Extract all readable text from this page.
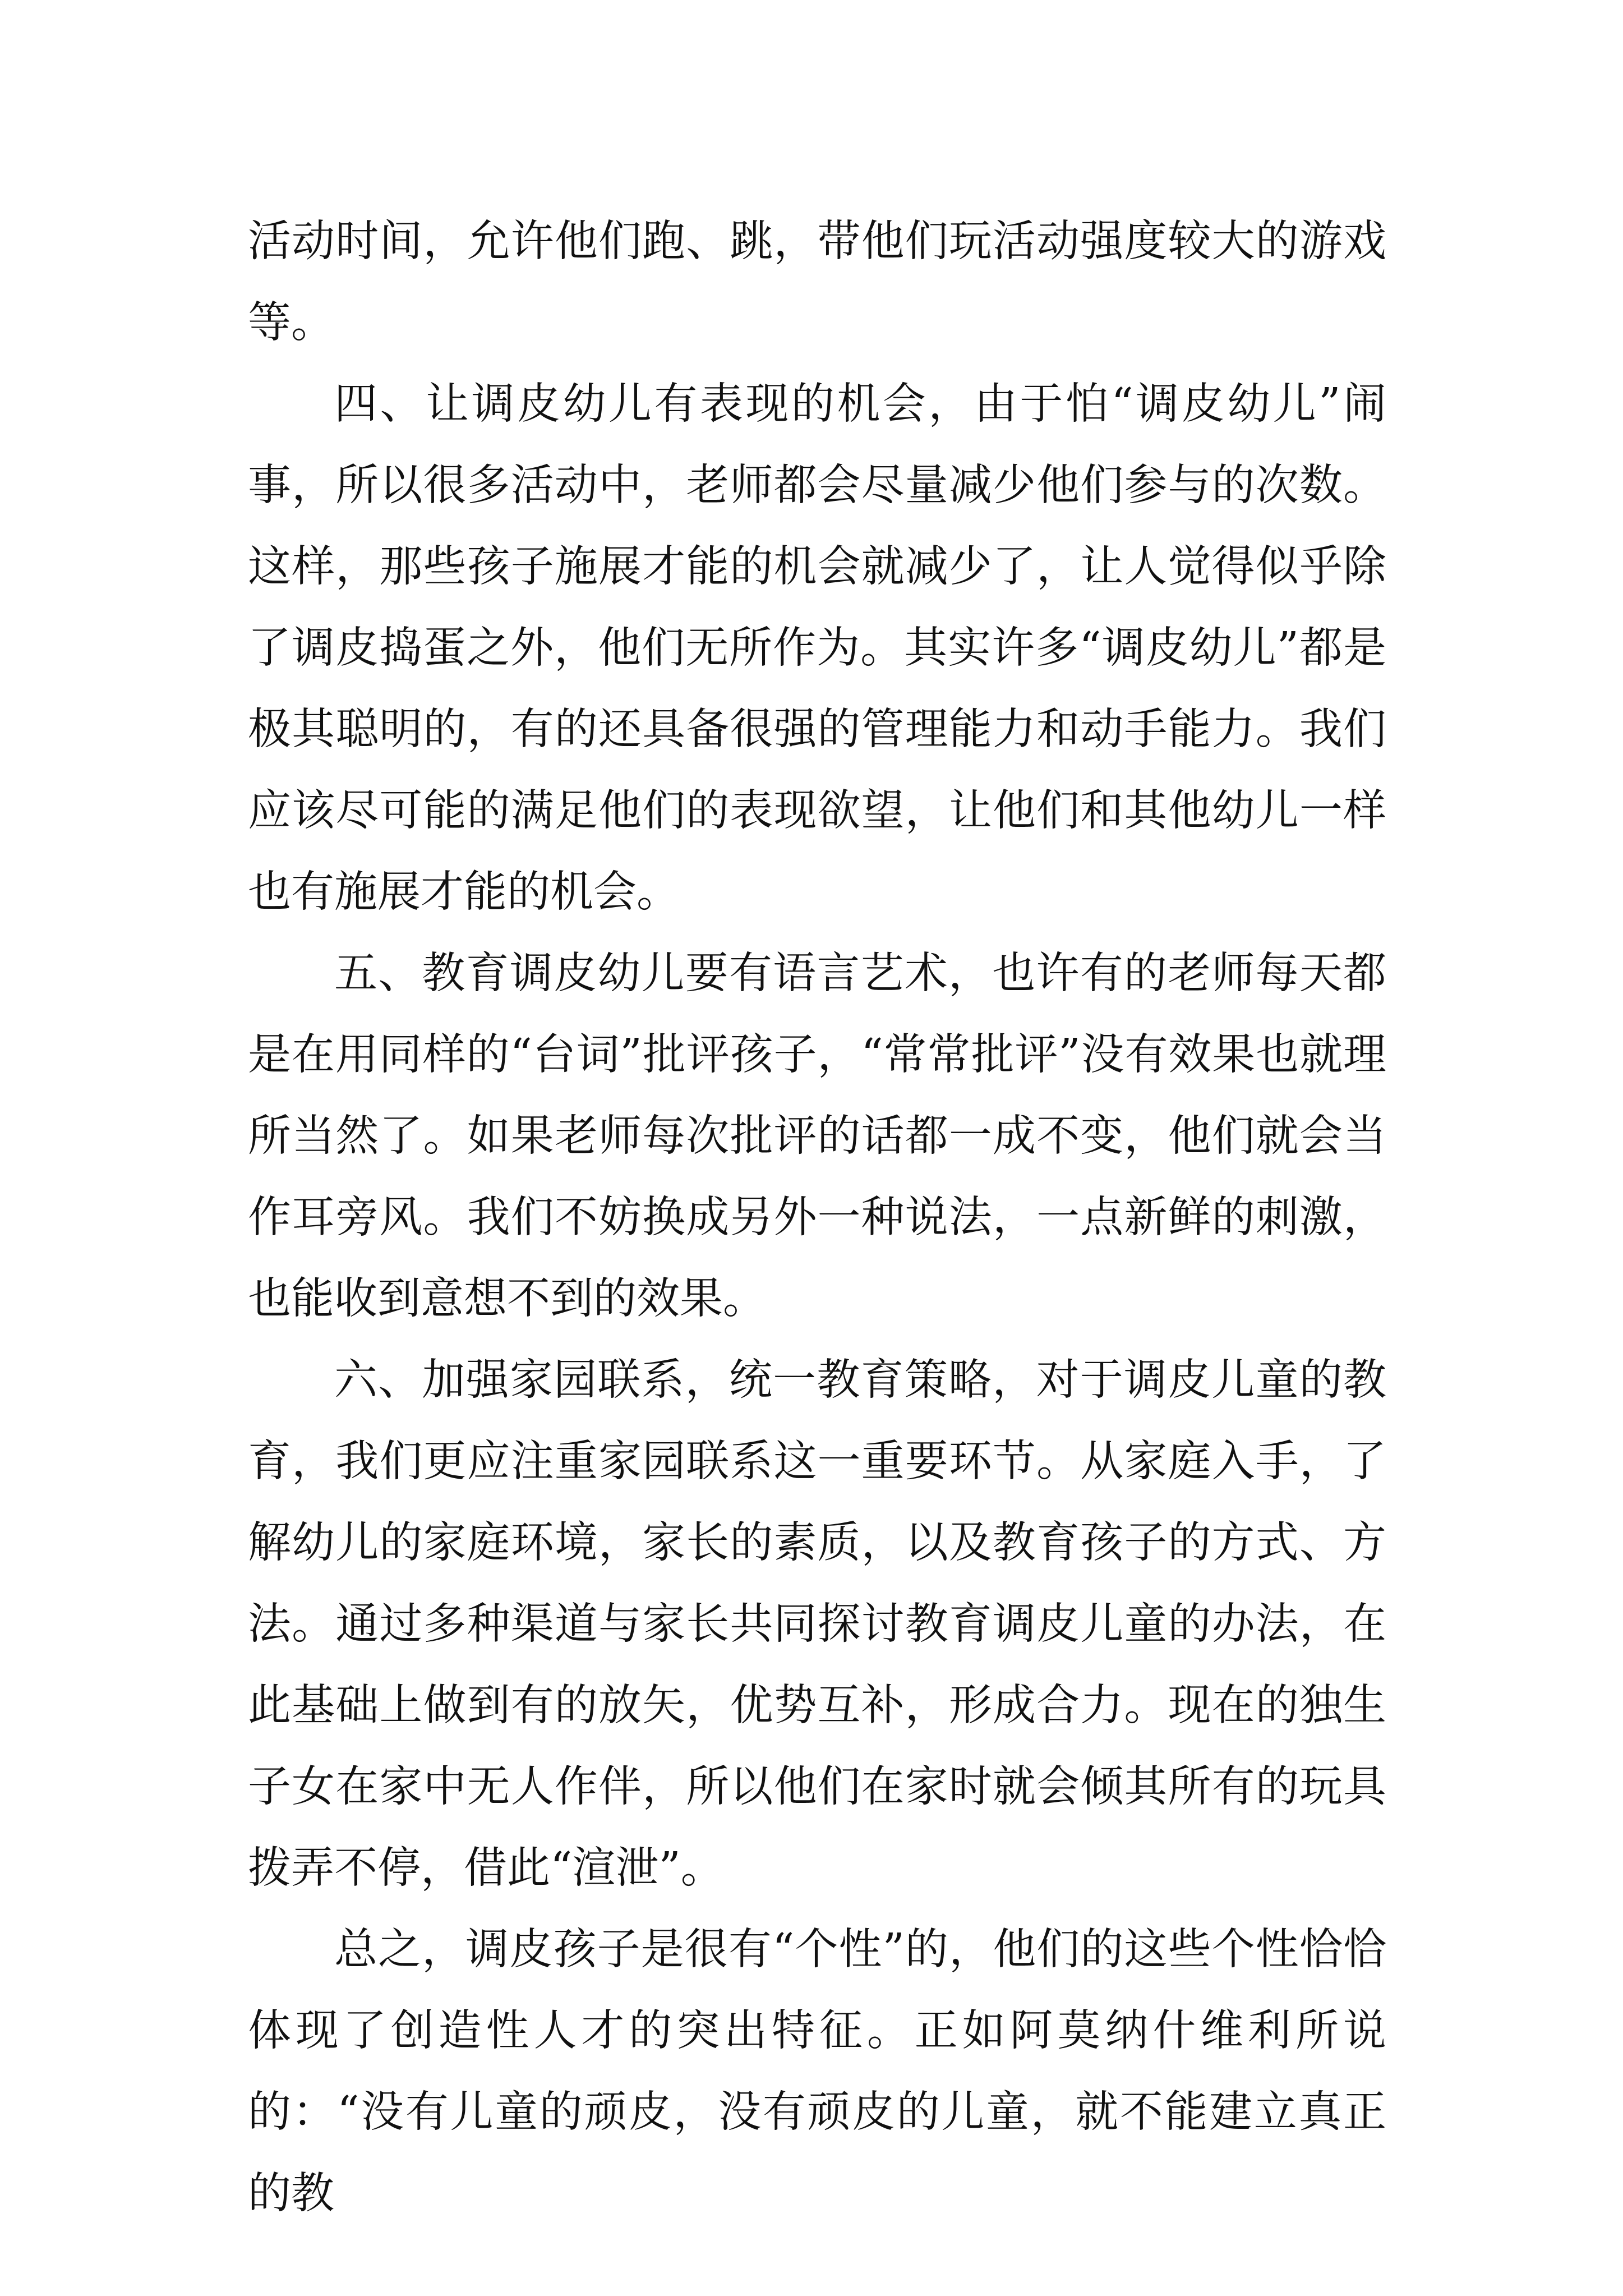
活动时间，允许他们跑、跳，带他们玩活动强度较大的游戏等。

四、让调皮幼儿有表现的机会，由于怕“调皮幼儿”闹事，所以很多活动中，老师都会尽量减少他们参与的次数。这样，那些孩子施展才能的机会就减少了，让人觉得似乎除了调皮捣蛋之外，他们无所作为。其实许多“调皮幼儿”都是极其聪明的，有的还具备很强的管理能力和动手能力。我们应该尽可能的满足他们的表现欲望，让他们和其他幼儿一样也有施展才能的机会。

五、教育调皮幼儿要有语言艺术，也许有的老师每天都是在用同样的“台词”批评孩子，“常常批评”没有效果也就理所当然了。如果老师每次批评的话都一成不变，他们就会当作耳旁风。我们不妨换成另外一种说法，一点新鲜的刺激，也能收到意想不到的效果。

六、加强家园联系，统一教育策略，对于调皮儿童的教育，我们更应注重家园联系这一重要环节。从家庭入手，了解幼儿的家庭环境，家长的素质，以及教育孩子的方式、方法。通过多种渠道与家长共同探讨教育调皮儿童的办法，在此基础上做到有的放矢，优势互补，形成合力。现在的独生子女在家中无人作伴，所以他们在家时就会倾其所有的玩具拨弄不停，借此“渲泄”。

总之，调皮孩子是很有“个性”的，他们的这些个性恰恰体现了创造性人才的突出特征。正如阿莫纳什维利所说的：“没有儿童的顽皮，没有顽皮的儿童，就不能建立真正的教
